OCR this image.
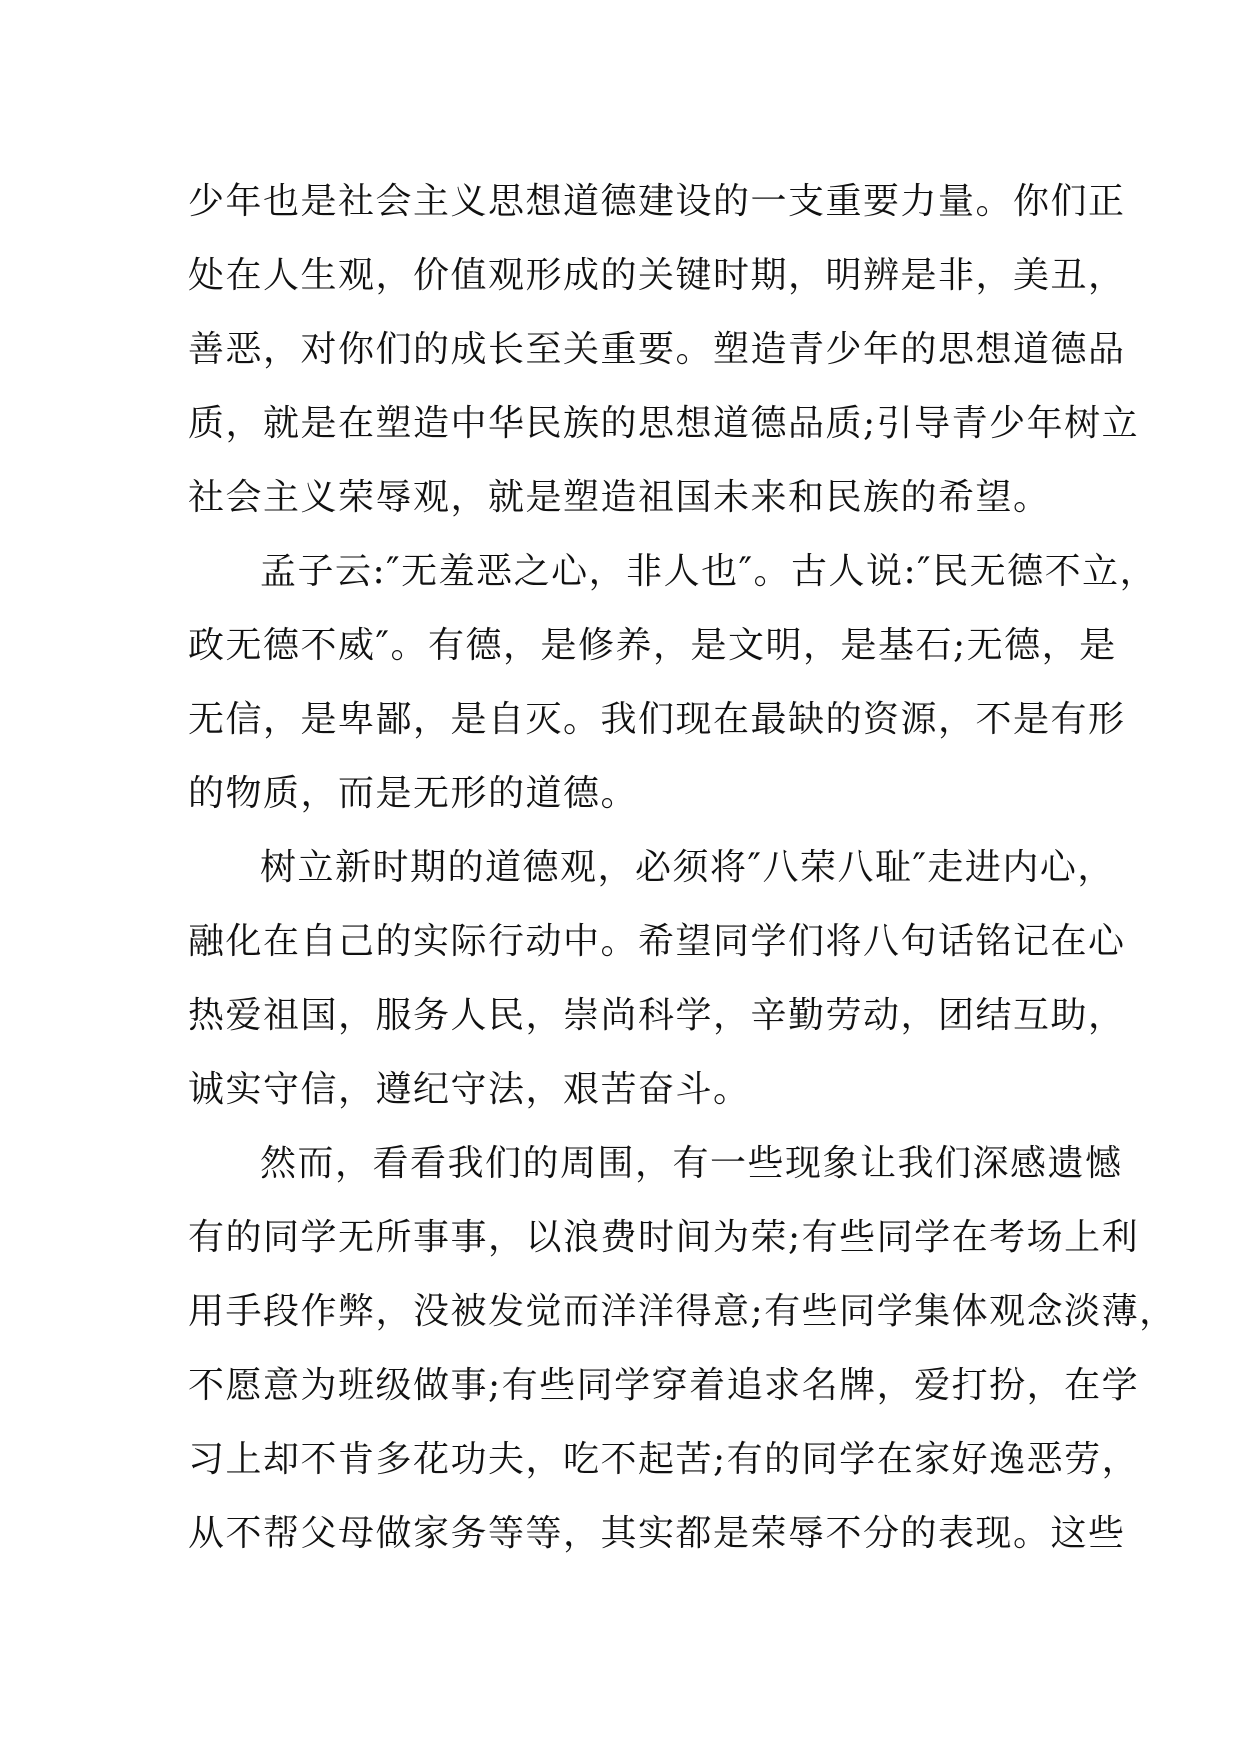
少年也是社会主义思想道德建设的一支重要力量。你们正
处在人生观，价值观形成的关键时期，明辨是非，美丑，
善恶，对你们的成长至关重要。塑造青少年的思想道德品
质，就是在塑造中华民族的思想道德品质;引导青少年树立
社会主义荣辱观，就是塑造祖国未来和民族的希望。
孟子云:″无羞恶之心，非人也″。古人说:″民无德不立，
政无德不威″。有德，是修养，是文明，是基石;无德，是
无信，是卑鄙，是自灭。我们现在最缺的资源，不是有形
的物质，而是无形的道德。
树立新时期的道德观，必须将″八荣八耻″走进内心，
融化在自己的实际行动中。希望同学们将八句话铭记在心
热爱祖国，服务人民，崇尚科学，辛勤劳动，团结互助，
诚实守信，遵纪守法，艰苦奋斗。
然而，看看我们的周围，有一些现象让我们深感遗憾
有的同学无所事事，以浪费时间为荣;有些同学在考场上利
用手段作弊，没被发觉而洋洋得意;有些同学集体观念淡薄，
不愿意为班级做事;有些同学穿着追求名牌，爱打扮，在学
习上却不肯多花功夫，吃不起苦;有的同学在家好逸恶劳，
从不帮父母做家务等等，其实都是荣辱不分的表现。这些
